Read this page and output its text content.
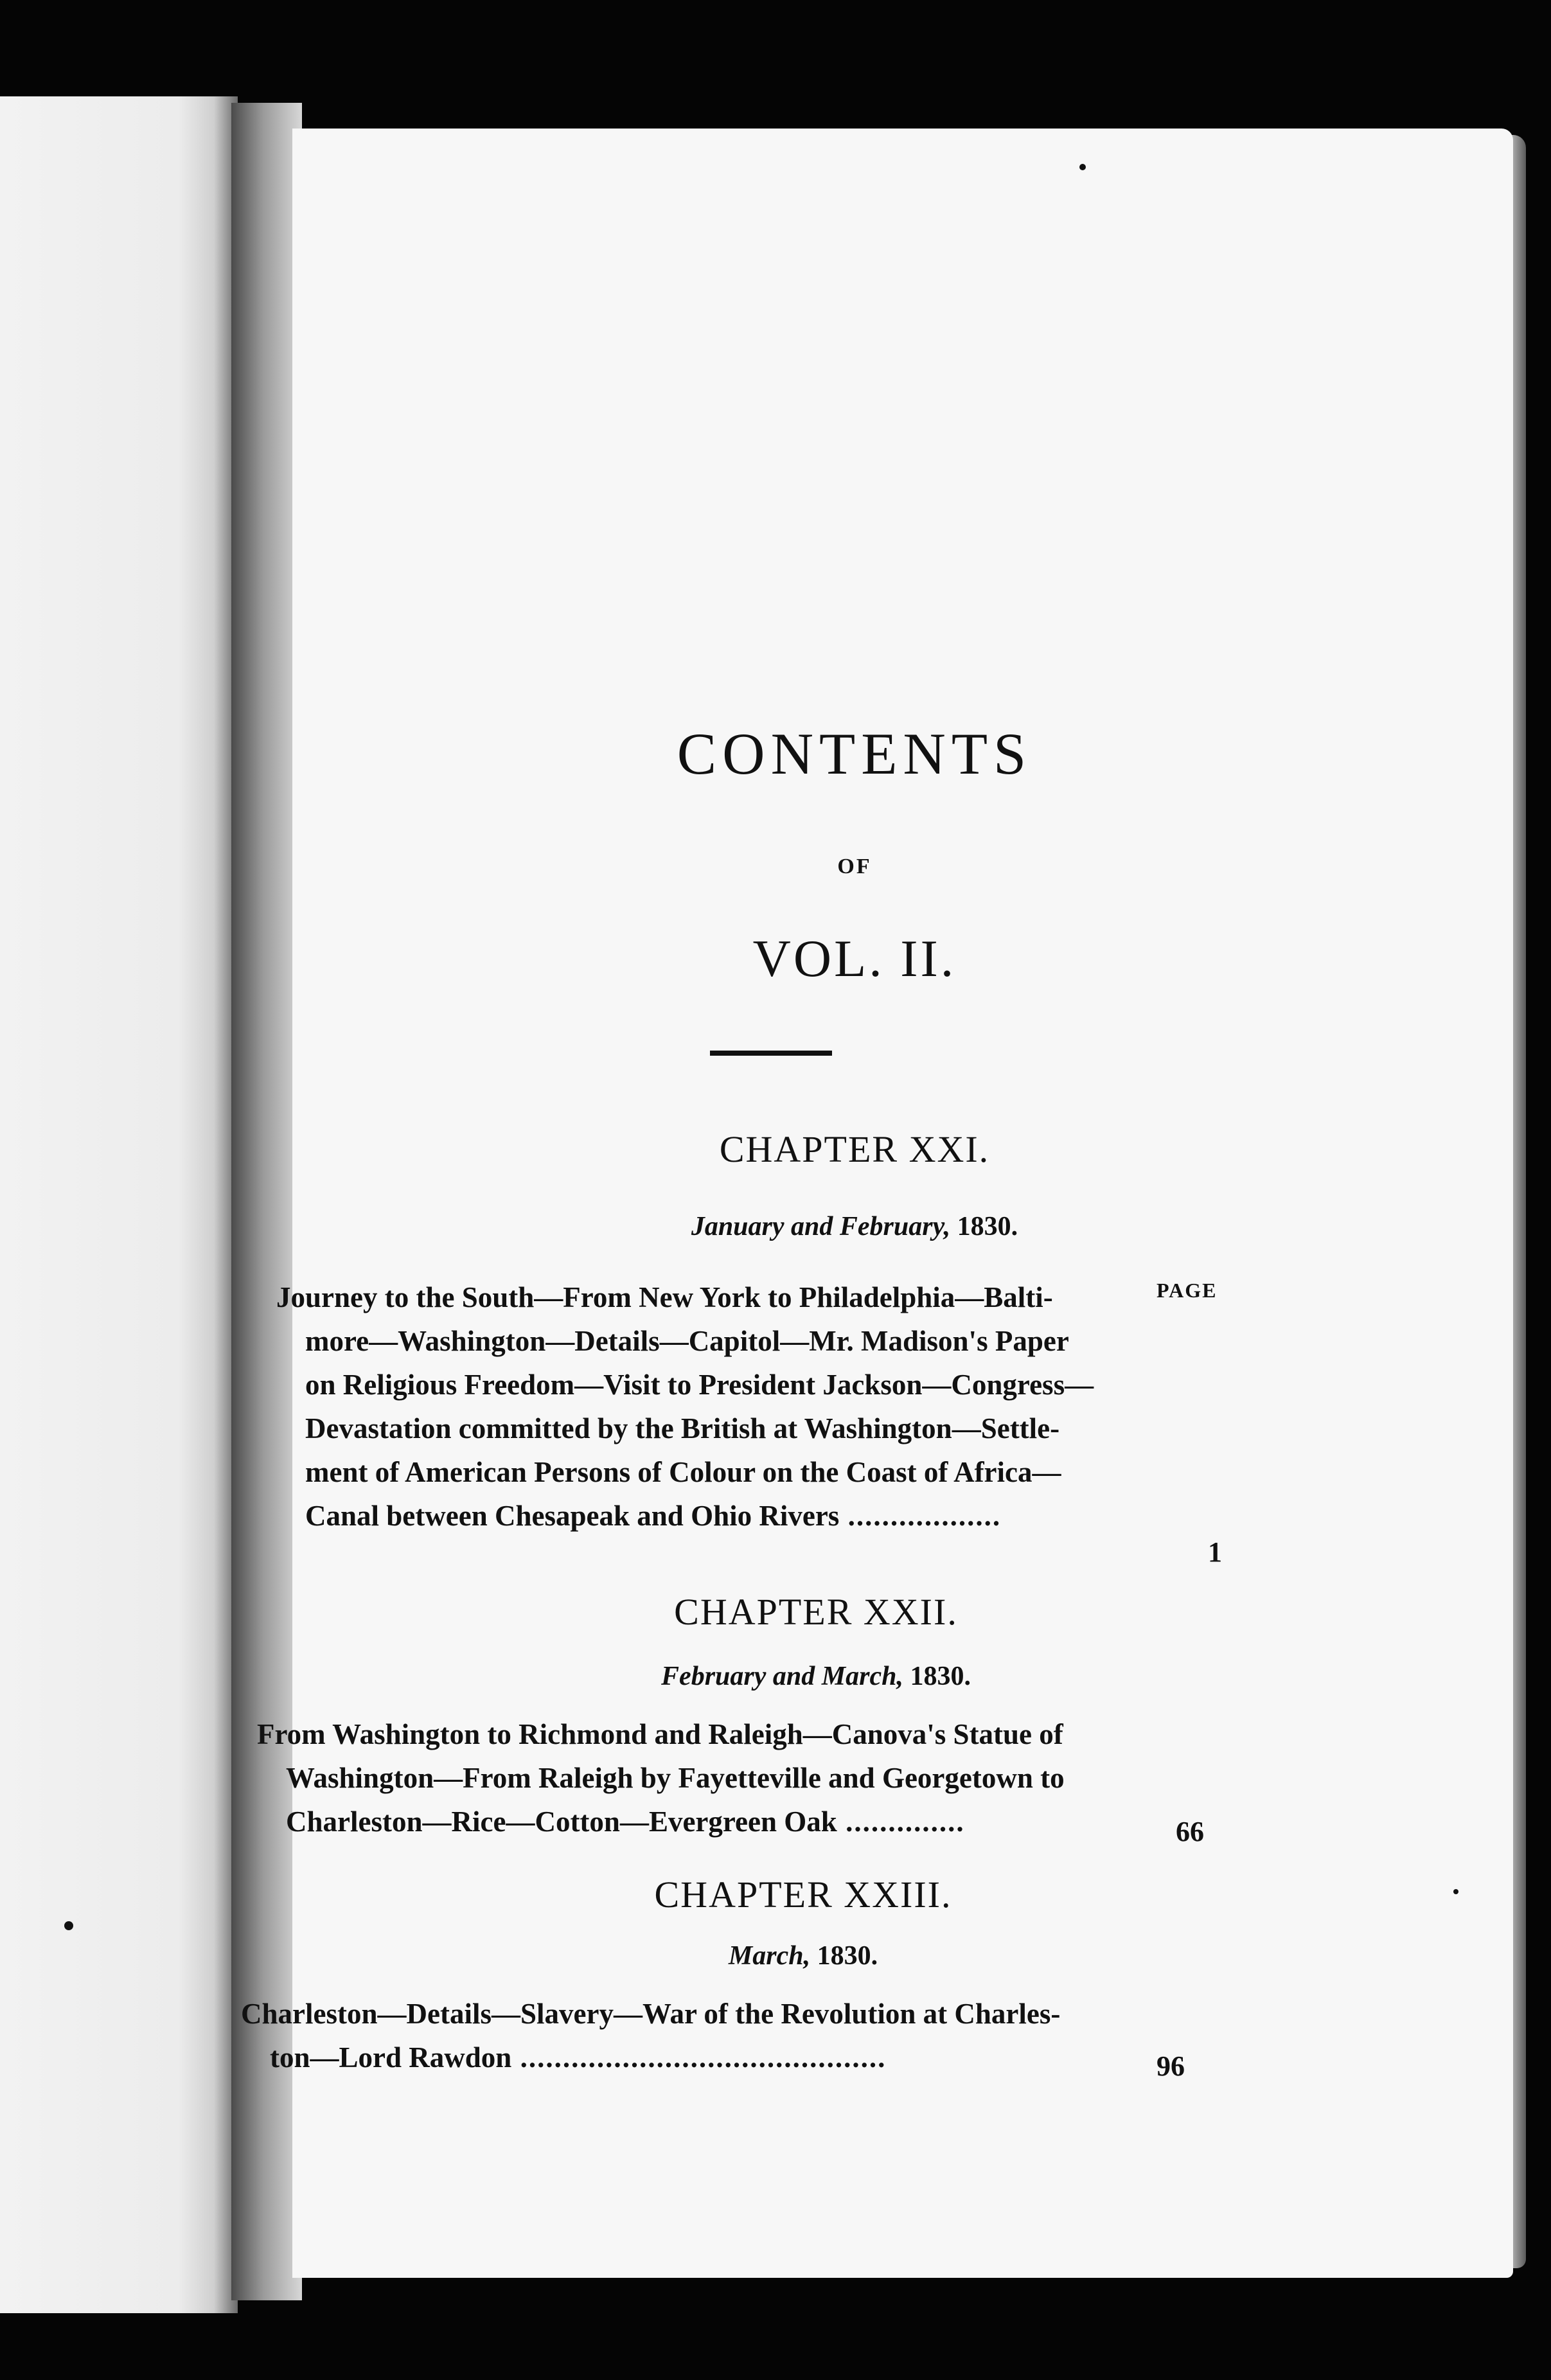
CONTENTS
OF
VOL. II.
CHAPTER XXI.
January and February, 1830.
PAGE
Journey to the South—From New York to Philadelphia—Balti-
more—Washington—Details—Capitol—Mr. Madison's Paper
on Religious Freedom—Visit to President Jackson—Congress—
Devastation committed by the British at Washington—Settle-
ment of American Persons of Colour on the Coast of Africa—
Canal between Chesapeak and Ohio Rivers ..................
1
CHAPTER XXII.
February and March, 1830.
From Washington to Richmond and Raleigh—Canova's Statue of
Washington—From Raleigh by Fayetteville and Georgetown to
Charleston—Rice—Cotton—Evergreen Oak ..............	66
CHAPTER XXIII.
March, 1830.
Charleston—Details—Slavery—War of the Revolution at Charles-
ton—Lord Rawdon ...........................................	96
